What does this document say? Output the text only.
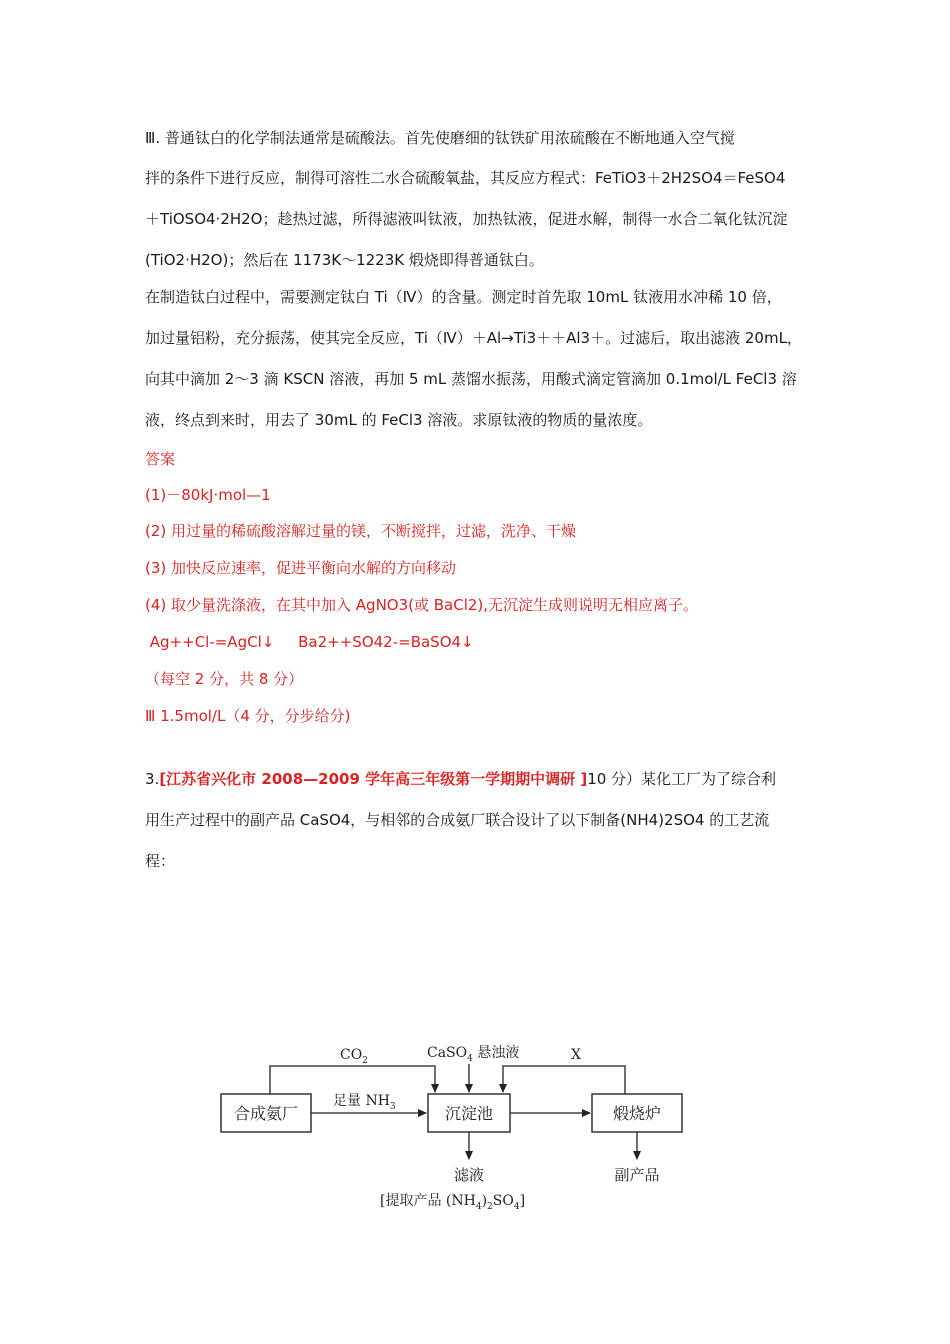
Ⅲ. 普通钛白的化学制法通常是硫酸法。首先使磨细的钛铁矿用浓硫酸在不断地通入空气搅
拌的条件下进行反应，制得可溶性二水合硫酸氧盐，其反应方程式：FeTiO3＋2H2SO4＝FeSO4
＋TiOSO4·2H2O；趁热过滤，所得滤液叫钛液，加热钛液，促进水解，制得一水合二氧化钛沉淀
(TiO2·H2O)；然后在 1173K～1223K 煅烧即得普通钛白。
在制造钛白过程中，需要测定钛白 Ti（Ⅳ）的含量。测定时首先取 10mL 钛液用水冲稀 10 倍，
加过量铝粉，充分振荡，使其完全反应，Ti（Ⅳ）＋Al→Ti3＋＋Al3＋。过滤后，取出滤液 20mL，
向其中滴加 2～3 滴 KSCN 溶液，再加 5 mL 蒸馏水振荡，用酸式滴定管滴加 0.1mol/L FeCl3 溶
液，终点到来时，用去了 30mL 的 FeCl3 溶液。求原钛液的物质的量浓度。
答案
(1)－80kJ·mol—1
(2) 用过量的稀硫酸溶解过量的镁，不断搅拌，过滤，洗净、干燥
(3) 加快反应速率，促进平衡向水解的方向移动
(4) 取少量洗涤液，在其中加入 AgNO3(或 BaCl2),无沉淀生成则说明无相应离子。
Ag++Cl-=AgCl↓     Ba2++SO42-=BaSO4↓
（每空 2 分，共 8 分）
Ⅲ 1.5mol/L（4 分，分步给分)
3.[江苏省兴化市 2008—2009 学年高三年级第一学期期中调研 ]10 分）某化工厂为了综合利
用生产过程中的副产品 CaSO4，与相邻的合成氨厂联合设计了以下制备(NH4)2SO4 的工艺流
程：
合成氨厂	沉淀池	煅烧炉
$CO_2$	CaSO$_4$ 悬浊液	X
足量 $NH_3$
滤液	副产品
[提取产品 $(NH_4)_2SO_4$]
